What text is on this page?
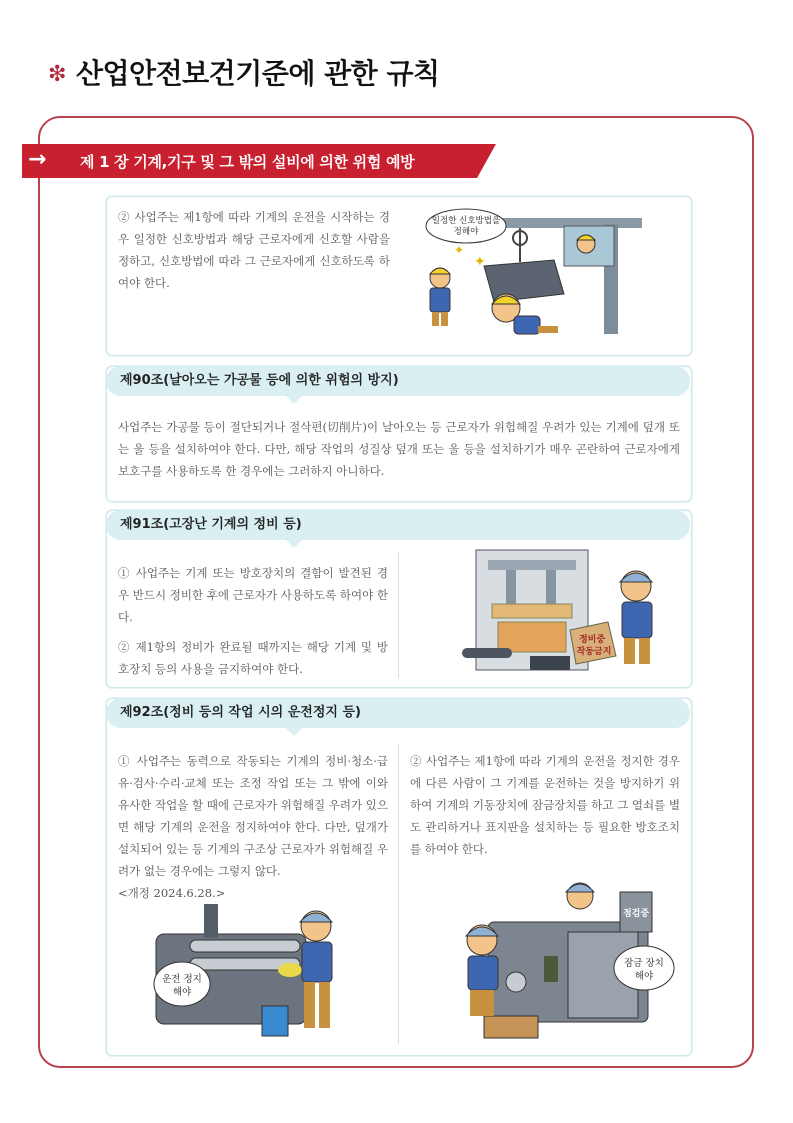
❇ 산업안전보건기준에 관한 규칙
→ 제 1 장 기계,기구 및 그 밖의 설비에 의한 위험 예방
② 사업주는 제1항에 따라 기계의 운전을 시작하는 경우 일정한 신호방법과 해당 근로자에게 신호할 사람을 정하고, 신호방법에 따라 그 근로자에게 신호하도록 하여야 한다.
✦
✦
일정한 신호방법을
정해야
제90조(날아오는 가공물 등에 의한 위험의 방지)
사업주는 가공물 등이 절단되거나 절삭편(切削片)이 날아오는 등 근로자가 위험해질 우려가 있는 기계에 덮개 또는 울 등을 설치하여야 한다. 다만, 해당 작업의 성질상 덮개 또는 울 등을 설치하기가 매우 곤란하여 근로자에게 보호구를 사용하도록 한 경우에는 그러하지 아니하다.
제91조(고장난 기계의 정비 등)
① 사업주는 기계 또는 방호장치의 결함이 발견된 경우 반드시 정비한 후에 근로자가 사용하도록 하여야 한다.
② 제1항의 정비가 완료될 때까지는 해당 기계 및 방호장치 등의 사용을 금지하여야 한다.
정비중
작동금지
제92조(정비 등의 작업 시의 운전정지 등)
① 사업주는 동력으로 작동되는 기계의 정비·청소·급유·검사·수리·교체 또는 조정 작업 또는 그 밖에 이와 유사한 작업을 할 때에 근로자가 위험해질 우려가 있으면 해당 기계의 운전을 정지하여야 한다. 다만, 덮개가 설치되어 있는 등 기계의 구조상 근로자가 위험해질 우려가 없는 경우에는 그렇지 않다.
<개정 2024.6.28.>
② 사업주는 제1항에 따라 기계의 운전을 정지한 경우에 다른 사람이 그 기계를 운전하는 것을 방지하기 위하여 기계의 기동장치에 잠금장치를 하고 그 열쇠를 별도 관리하거나 표지판을 설치하는 등 필요한 방호조치를 하여야 한다.
운전 정지
해야
점검중
잠금 장치
해야
